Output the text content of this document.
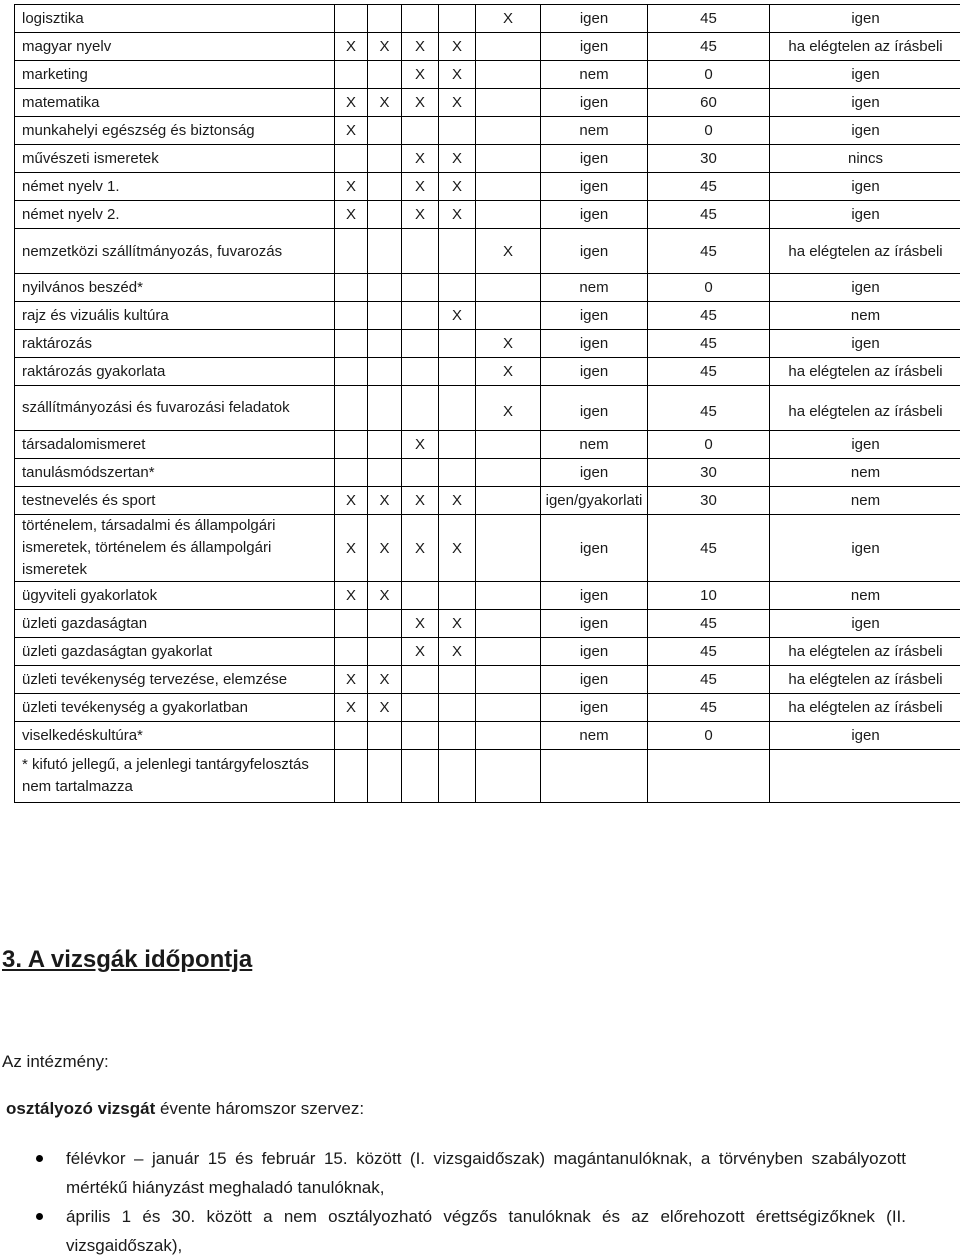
logisztika					X	igen	45	igen
magyar nyelv	X	X	X	X		igen	45	ha elégtelen az írásbeli
marketing			X	X		nem	0	igen
matematika	X	X	X	X		igen	60	igen
munkahelyi egészség és biztonság	X					nem	0	igen
művészeti ismeretek			X	X		igen	30	nincs
német nyelv 1.	X		X	X		igen	45	igen
német nyelv 2.	X		X	X		igen	45	igen
nemzetközi szállítmányozás, fuvarozás					X	igen	45	ha elégtelen az írásbeli
nyilvános beszéd*						nem	0	igen
rajz és vizuális kultúra				X		igen	45	nem
raktározás					X	igen	45	igen
raktározás gyakorlata					X	igen	45	ha elégtelen az írásbeli
szállítmányozási és fuvarozási feladatok					X	igen	45	ha elégtelen az írásbeli
társadalomismeret			X			nem	0	igen
tanulásmódszertan*						igen	30	nem
testnevelés és sport	X	X	X	X		igen/gyakorlati	30	nem
történelem, társadalmi és állampolgári ismeretek, történelem és állampolgári ismeretek	X	X	X	X		igen	45	igen
ügyviteli gyakorlatok	X	X				igen	10	nem
üzleti gazdaságtan			X	X		igen	45	igen
üzleti gazdaságtan gyakorlat			X	X		igen	45	ha elégtelen az írásbeli
üzleti tevékenység tervezése, elemzése	X	X				igen	45	ha elégtelen az írásbeli
üzleti tevékenység a gyakorlatban	X	X				igen	45	ha elégtelen az írásbeli
viselkedéskultúra*						nem	0	igen
* kifutó jellegű, a jelenlegi tantárgyfelosztás nem tartalmazza								
3. A vizsgák időpontja

Az intézmény:

osztályozó vizsgát évente háromszor szervez:

félévkor – január 15 és február 15. között (I. vizsgaidőszak) magántanulóknak, a törvényben szabályozott mértékű hiányzást meghaladó tanulóknak,
április 1 és 30. között a nem osztályozható végzős tanulóknak és az előrehozott érettségizőknek (II. vizsgaidőszak),
